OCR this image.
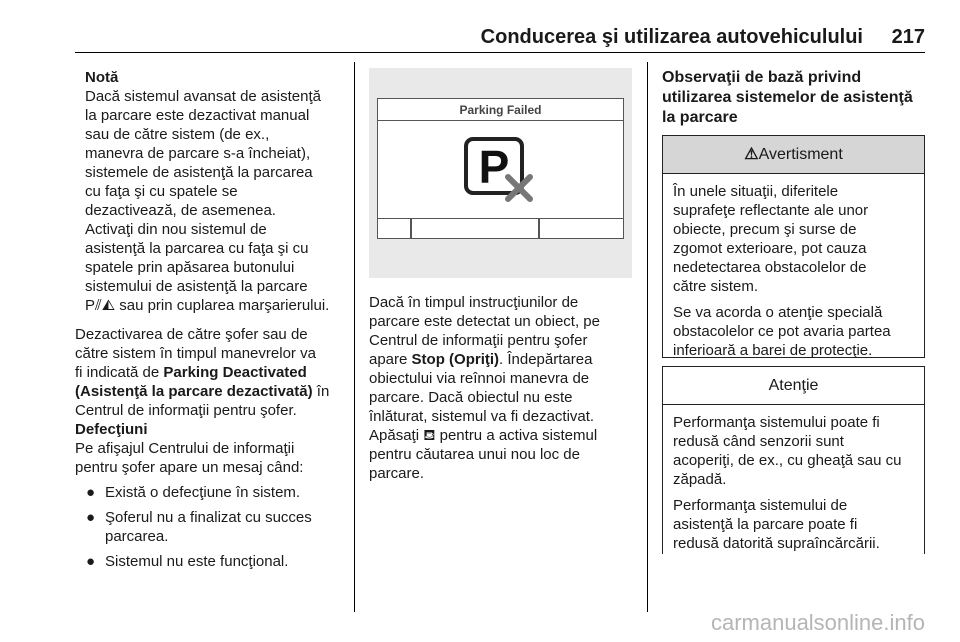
Conducerea şi utilizarea autovehiculului 217

Notă

Dacă sistemul avansat de asistenţă

la parcare este dezactivat manual

sau de către sistem (de ex.,

manevra de parcare s-a încheiat),

sistemele de asistenţă la parcarea

cu faţa şi cu spatele se

dezactivează, de asemenea.

Activaţi din nou sistemul de

asistenţă la parcarea cu faţa şi cu

spatele prin apăsarea butonului

sistemului de asistenţă la parcare

P⫽◭ sau prin cuplarea marşarierului.

Dezactivarea de către şofer sau de

către sistem în timpul manevrelor va

fi indicată de Parking Deactivated

(Asistenţă la parcare dezactivată) în

Centrul de informaţii pentru şofer.

Defecţiuni

Pe afişajul Centrului de informaţii

pentru şofer apare un mesaj când:

● Există o defecţiune în sistem.
● Şoferul nu a finalizat cu succes
parcarea.
● Sistemul nu este funcţional.
Parking Failed
P

Dacă în timpul instrucţiunilor de

parcare este detectat un obiect, pe

Centrul de informaţii pentru şofer

apare Stop (Opriţi). Îndepărtarea

obiectului via reînnoi manevra de

parcare. Dacă obiectul nu este

înlăturat, sistemul va fi dezactivat.

Apăsaţi ⛾ pentru a activa sistemul

pentru căutarea unui nou loc de

parcare.

Observaţii de bază privind

utilizarea sistemelor de asistenţă

la parcare

⚠Avertisment

În unele situaţii, diferitele
suprafeţe reflectante ale unor
obiecte, precum şi surse de
zgomot exterioare, pot cauza
nedetectarea obstacolelor de
către sistem.

Se va acorda o atenţie specială
obstacolelor ce pot avaria partea
inferioară a barei de protecţie.

Atenţie

Performanţa sistemului poate fi
redusă când senzorii sunt
acoperiţi, de ex., cu gheaţă sau cu
zăpadă.

Performanţa sistemului de
asistenţă la parcare poate fi
redusă datorită supraîncărcării.

carmanualsonline.info
